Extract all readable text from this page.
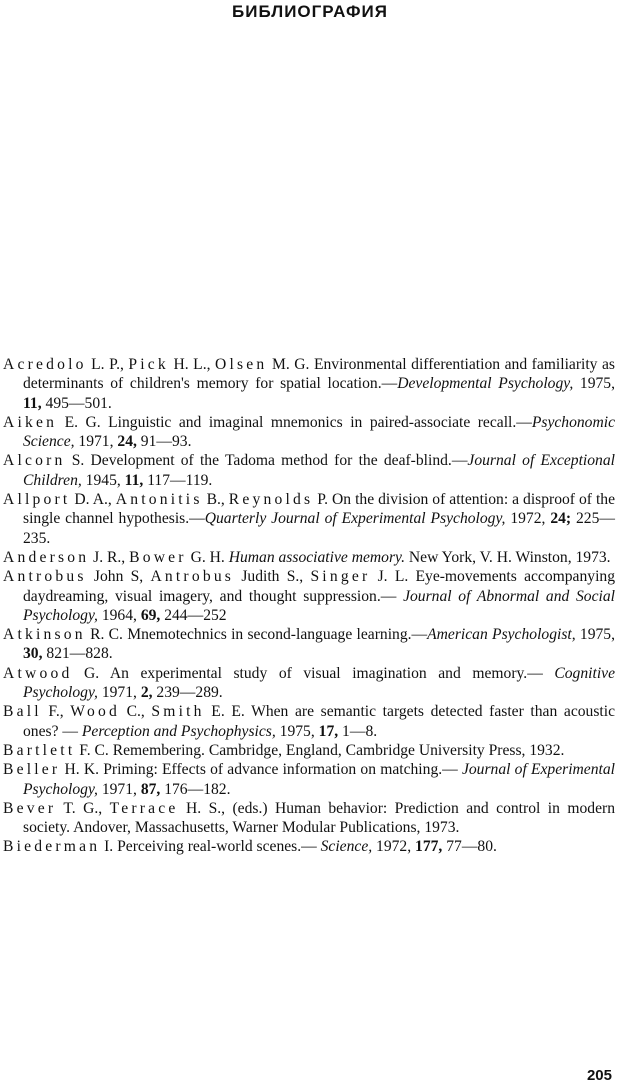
БИБЛИОГРАФИЯ

Acredolo L. P., Pick H. L., Olsen M. G. Environmental differentiation and familiarity as determinants of children's memory for spatial location.—Developmental Psychology, 1975, 11, 495—501.

Aiken E. G. Linguistic and imaginal mnemonics in paired-associate recall.—Psychonomic Science, 1971, 24, 91—93.

Alcorn S. Development of the Tadoma method for the deaf-blind.—Journal of Exceptional Children, 1945, 11, 117—119.

Allport D. A., Antonitis B., Reynolds P. On the division of attention: a disproof of the single channel hypothesis.—Quarterly Journal of Experimental Psychology, 1972, 24; 225—235.

Anderson J. R., Bower G. H. Human associative memory. New York, V. H. Winston, 1973.

Antrobus John S, Antrobus Judith S., Singer J. L. Eye-movements accompanying daydreaming, visual imagery, and thought suppression.— Journal of Abnormal and Social Psychology, 1964, 69, 244—252

Atkinson R. C. Mnemotechnics in second-language learning.—American Psychologist, 1975, 30, 821—828.

Atwood G. An experimental study of visual imagination and memory.— Cognitive Psychology, 1971, 2, 239—289.

Ball F., Wood C., Smith E. E. When are semantic targets detected faster than acoustic ones? — Perception and Psychophysics, 1975, 17, 1—8.

Bartlett F. C. Remembering. Cambridge, England, Cambridge University Press, 1932.

Beller H. K. Priming: Effects of advance information on matching.— Journal of Experimental Psychology, 1971, 87, 176—182.

Bever T. G., Terrace H. S., (eds.) Human behavior: Prediction and control in modern society. Andover, Massachusetts, Warner Modular Publications, 1973.

Biederman I. Perceiving real-world scenes.— Science, 1972, 177, 77—80.

205
